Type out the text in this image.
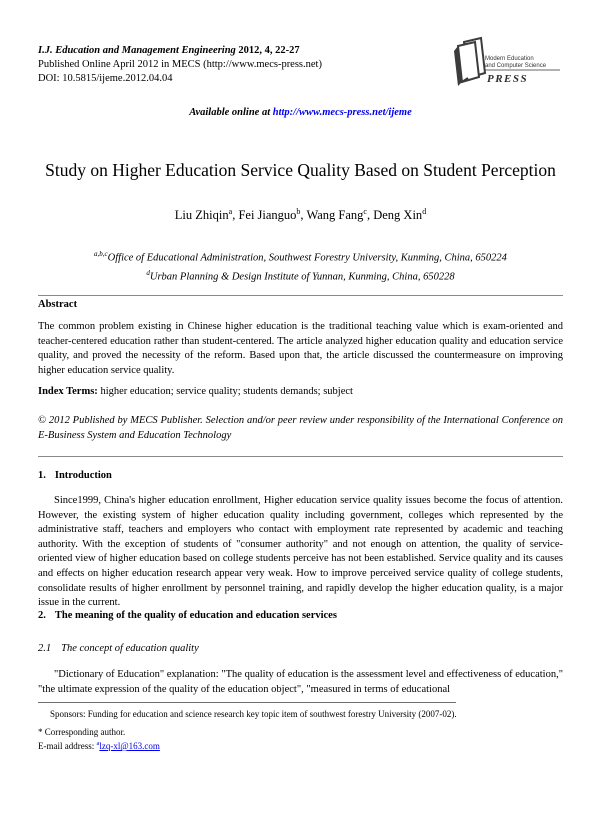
I.J. Education and Management Engineering 2012, 4, 22-27
Published Online April 2012 in MECS (http://www.mecs-press.net)
DOI: 10.5815/ijeme.2012.04.04
Modern Education
and Computer Science
PRESS
Available online at http://www.mecs-press.net/ijeme
Study on Higher Education Service Quality Based on Student Perception
Liu Zhiqin$^a$, Fei Jianguo$^b$, Wang Fang$^c$, Deng Xin$^d$
$^{a,b,c}$Office of Educational Administration, Southwest Forestry University, Kunming, China, 650224
$^d$Urban Planning & Design Institute of Yunnan, Kunming, China, 650228
Abstract
The common problem existing in Chinese higher education is the traditional teaching value which is exam-oriented and teacher-centered education rather than student-centered. The article analyzed higher education quality and education service quality, and proved the necessity of the reform. Based upon that, the article discussed the countermeasure on improving higher education service quality.
Index Terms: higher education; service quality; students demands; subject
© 2012 Published by MECS Publisher. Selection and/or peer review under responsibility of the International Conference on E-Business System and Education Technology
1. Introduction
Since1999, China's higher education enrollment, Higher education service quality issues become the focus of attention. However, the existing system of higher education quality including government, colleges which represented by the administrative staff, teachers and employers who contact with employment rate represented by academic and teaching authority. With the exception of students of "consumer authority" and not enough on attention, the quality of service-oriented view of higher education based on college students perceive has not been established. Service quality and its causes and effects on higher education research appear very weak. How to improve perceived service quality of college students, consolidate results of higher enrollment by personnel training, and rapidly develop the higher education quality, is a major issue in the current.
2. The meaning of the quality of education and education services
2.1 The concept of education quality
"Dictionary of Education" explanation: "The quality of education is the assessment level and effectiveness of education," "the ultimate expression of the quality of the education object", "measured in terms of educational
Sponsors: Funding for education and science research key topic item of southwest forestry University (2007-02).
* Corresponding author.
E-mail address: $^a$lzq-xl@163.com
